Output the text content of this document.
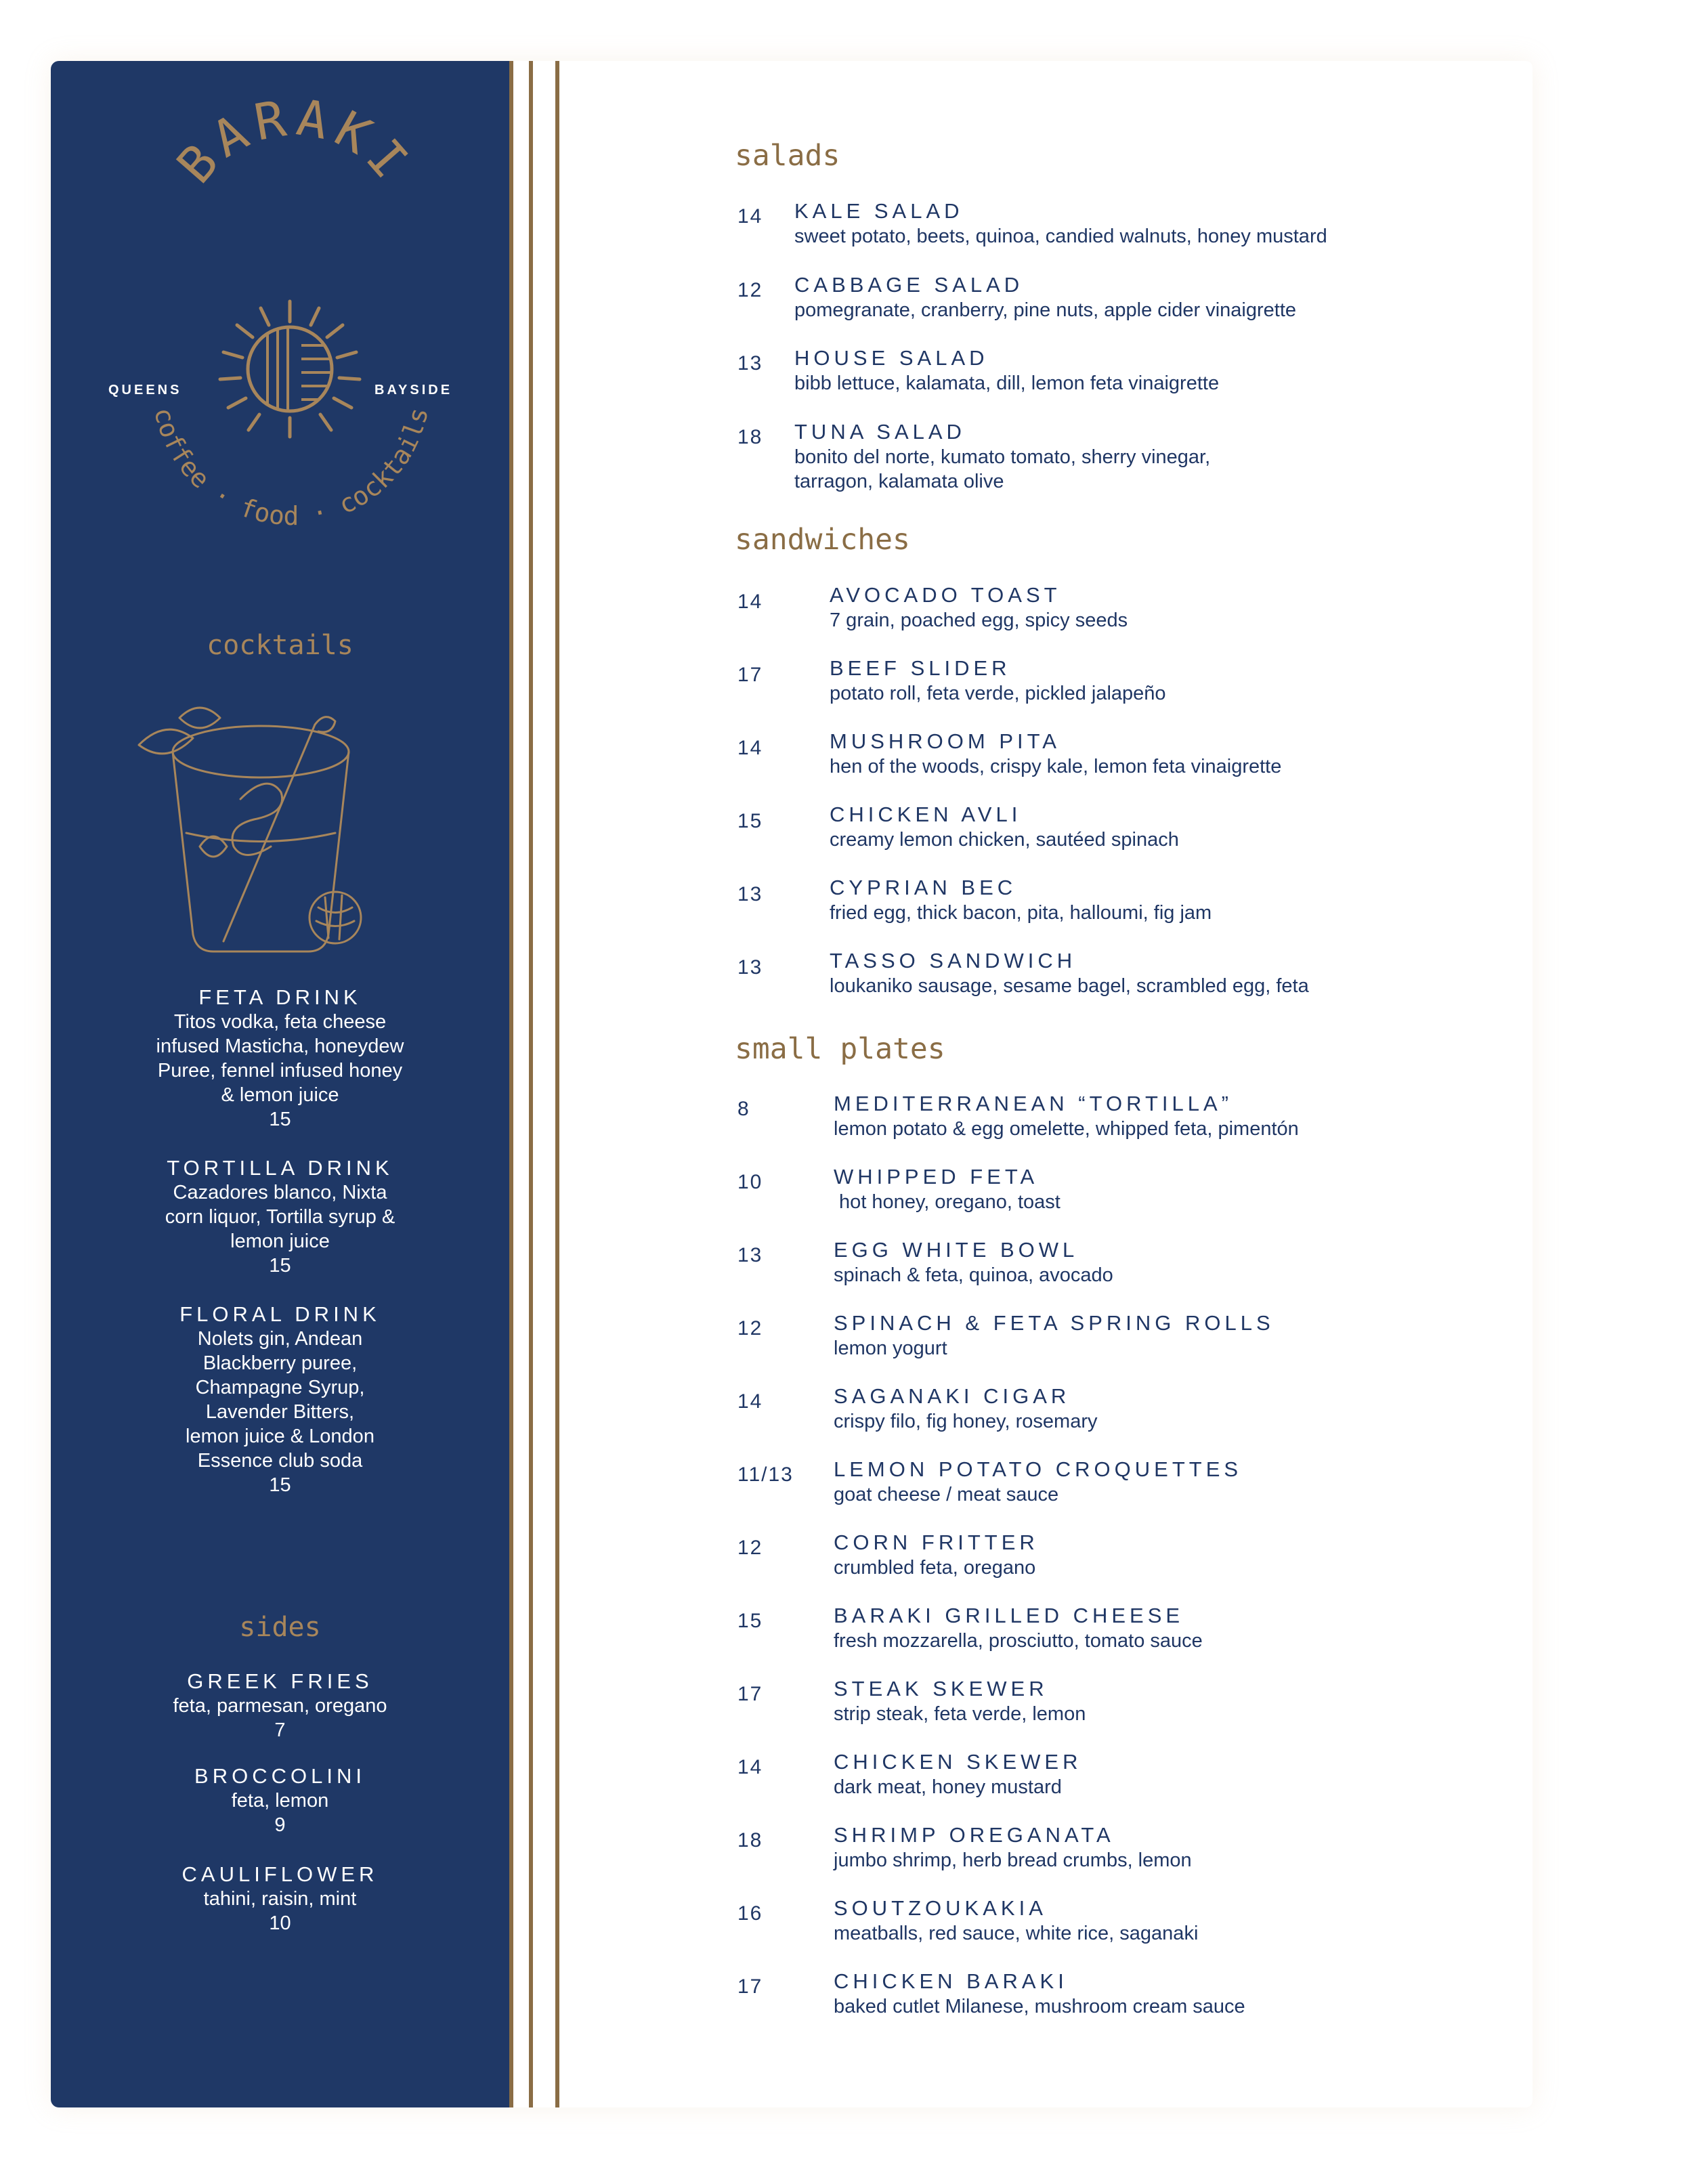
BARAKI
coffee · food · cocktails
QUEENS	BAYSIDE
cocktails
FETA DRINK
Titos vodka, feta cheese
infused Masticha, honeydew
Puree, fennel infused honey
& lemon juice
15
TORTILLA DRINK
Cazadores blanco, Nixta
corn liquor, Tortilla syrup &
lemon juice
15
FLORAL DRINK
Nolets gin, Andean
Blackberry puree,
Champagne Syrup,
Lavender Bitters,
lemon juice & London
Essence club soda
15
sides
GREEK FRIES
feta, parmesan, oregano
7
BROCCOLINI
feta, lemon
9
CAULIFLOWER
tahini, raisin, mint
10
salads
14 KALE SALAD
sweet potato, beets, quinoa, candied walnuts, honey mustard
12 CABBAGE SALAD
pomegranate, cranberry, pine nuts, apple cider vinaigrette
13 HOUSE SALAD
bibb lettuce, kalamata, dill, lemon feta vinaigrette
18 TUNA SALAD
bonito del norte, kumato tomato, sherry vinegar,
tarragon, kalamata olive
sandwiches
14	AVOCADO TOAST
7 grain, poached egg, spicy seeds
17	BEEF SLIDER
potato roll, feta verde, pickled jalapeño
14	MUSHROOM PITA
hen of the woods, crispy kale, lemon feta vinaigrette
15	CHICKEN AVLI
creamy lemon chicken, sautéed spinach
13	CYPRIAN BEC
fried egg, thick bacon, pita, halloumi, fig jam
13	TASSO SANDWICH
loukaniko sausage, sesame bagel, scrambled egg, feta
small plates
8	MEDITERRANEAN “TORTILLA”
lemon potato & egg omelette, whipped feta, pimentón
10	WHIPPED FETA
hot honey, oregano, toast
13	EGG WHITE BOWL
spinach & feta, quinoa, avocado
12	SPINACH & FETA SPRING ROLLS
lemon yogurt
14	SAGANAKI CIGAR
crispy filo, fig honey, rosemary
11/13 LEMON POTATO CROQUETTES
goat cheese / meat sauce
12	CORN FRITTER
crumbled feta, oregano
15	BARAKI GRILLED CHEESE
fresh mozzarella, prosciutto, tomato sauce
17	STEAK SKEWER
strip steak, feta verde, lemon
14	CHICKEN SKEWER
dark meat, honey mustard
18	SHRIMP OREGANATA
jumbo shrimp, herb bread crumbs, lemon
16	SOUTZOUKAKIA
meatballs, red sauce, white rice, saganaki
17	CHICKEN BARAKI
baked cutlet Milanese, mushroom cream sauce
